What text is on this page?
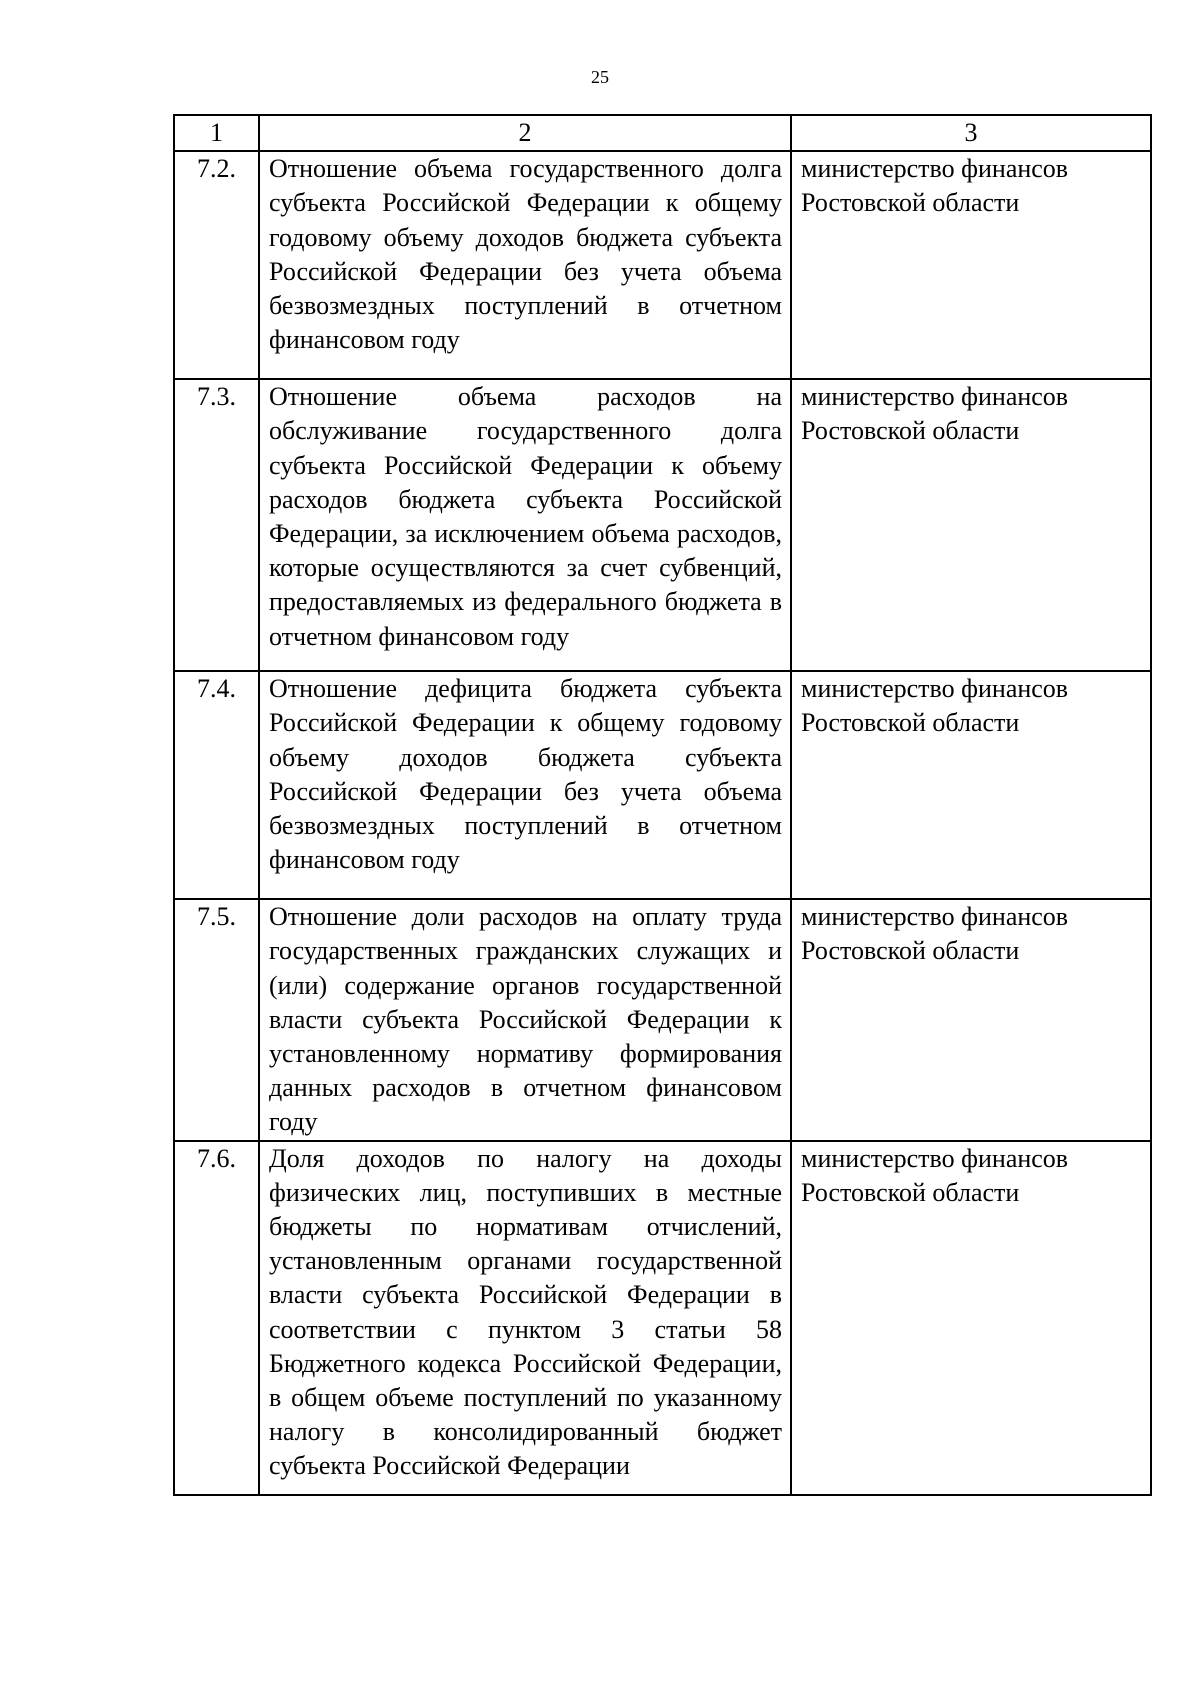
25
1	2	3
7.2.	Отношение объема государственного долга субъекта Российской Федерации к общему годовому объему доходов бюджета субъекта Российской Федерации без учета объема безвозмездных поступлений в отчетном финансовом году	министерство финансов Ростовской области
7.3.	Отношение объема расходов на обслуживание государственного долга субъекта Российской Федерации к объему расходов бюджета субъекта Российской Федерации, за исключением объема расходов, которые осуществляются за счет субвенций, предоставляемых из федерального бюджета в отчетном финансовом году	министерство финансов Ростовской области
7.4.	Отношение дефицита бюджета субъекта Российской Федерации к общему годовому объему доходов бюджета субъекта Российской Федерации без учета объема безвозмездных поступлений в отчетном финансовом году	министерство финансов Ростовской области
7.5.	Отношение доли расходов на оплату труда государственных гражданских служащих и (или) содержание органов государственной власти субъекта Российской Федерации к установленному нормативу формирования данных расходов в отчетном финансовом году	министерство финансов Ростовской области
7.6.	Доля доходов по налогу на доходы физических лиц, поступивших в местные бюджеты по нормативам отчислений, установленным органами государственной власти субъекта Российской Федерации в соответствии с пунктом 3 статьи 58 Бюджетного кодекса Российской Федерации, в общем объеме поступлений по указанному налогу в консолидированный бюджет субъекта Российской Федерации	министерство финансов Ростовской области
